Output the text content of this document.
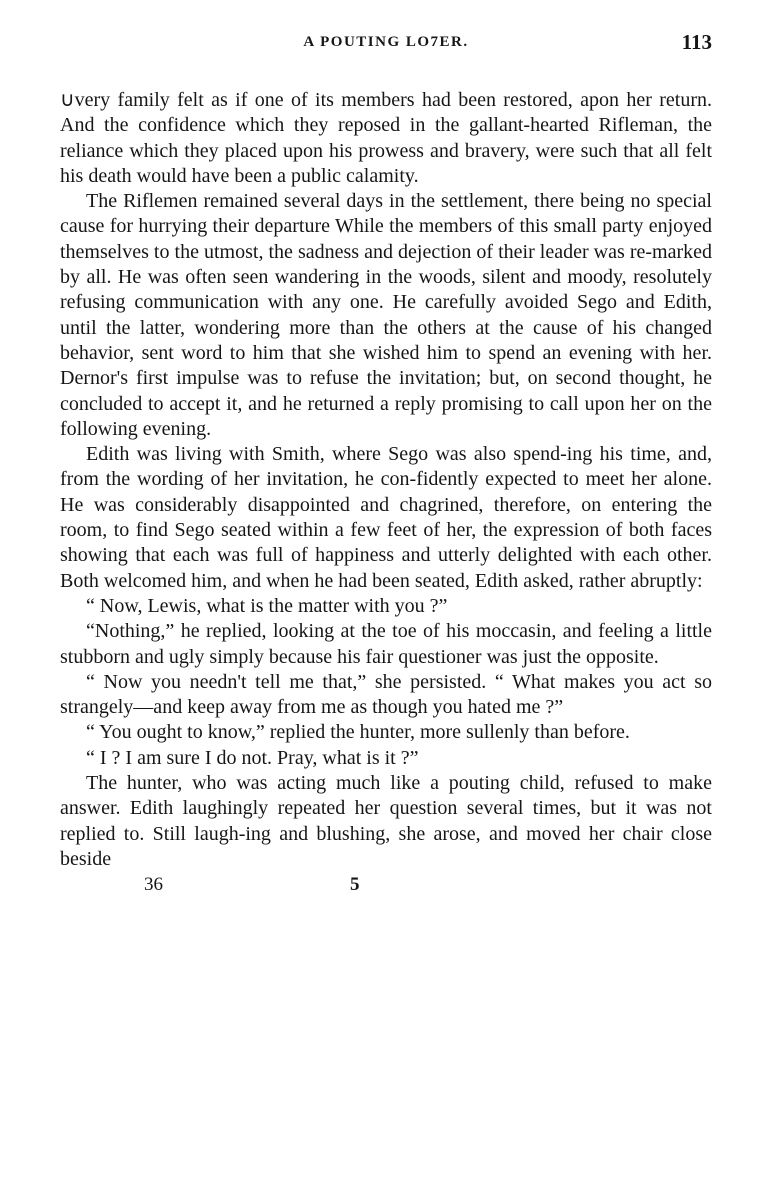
A POUTING LO7ER.	113

∪very family felt as if one of its members had been restored, аpon her return. And the confidence which they reposed in the gallant-hearted Rifleman, the reliance which they placed upon his prowess and bravery, were such that all felt his death would have been a public calamity.

The Riflemen remained several days in the settlement, there being no special cause for hurrying their departure While the members of this small party enjoyed themselves to the utmost, the sadness and dejection of their leader was re-marked by all. He was often seen wandering in the woods, silent and moody, resolutely refusing communication with any one. He carefully avoided Sego and Edith, until the latter, wondering more than the others at the cause of his changed behavior, sent word to him that she wished him to spend an evening with her. Dernor's first impulse was to refuse the invitation; but, on second thought, he concluded to accept it, and he returned a reply promising to call upon her on the following evening.

Edith was living with Smith, where Sego was also spend-ing his time, and, from the wording of her invitation, he con-fidently expected to meet her alone. He was considerably disappointed and chagrined, therefore, on entering the room, to find Sego seated within a few feet of her, the expression of both faces showing that each was full of happiness and utterly delighted with each other. Both welcomed him, and when he had been seated, Edith asked, rather abruptly:

“ Now, Lewis, what is the matter with you ?”

“Nothing,” he replied, looking at the toe of his moccasin, and feeling a little stubborn and ugly simply because his fair questioner was just the opposite.

“ Now you needn't tell me that,” she persisted. “ What makes you act so strangely—and keep away from me as though you hated me ?”

“ You ought to know,” replied the hunter, more sullenly than before.

“ I ? I am sure I do not. Pray, what is it ?”

The hunter, who was acting much like a pouting child, refused to make answer. Edith laughingly repeated her question several times, but it was not replied to. Still laugh-ing and blushing, she arose, and moved her chair close beside

36	5
